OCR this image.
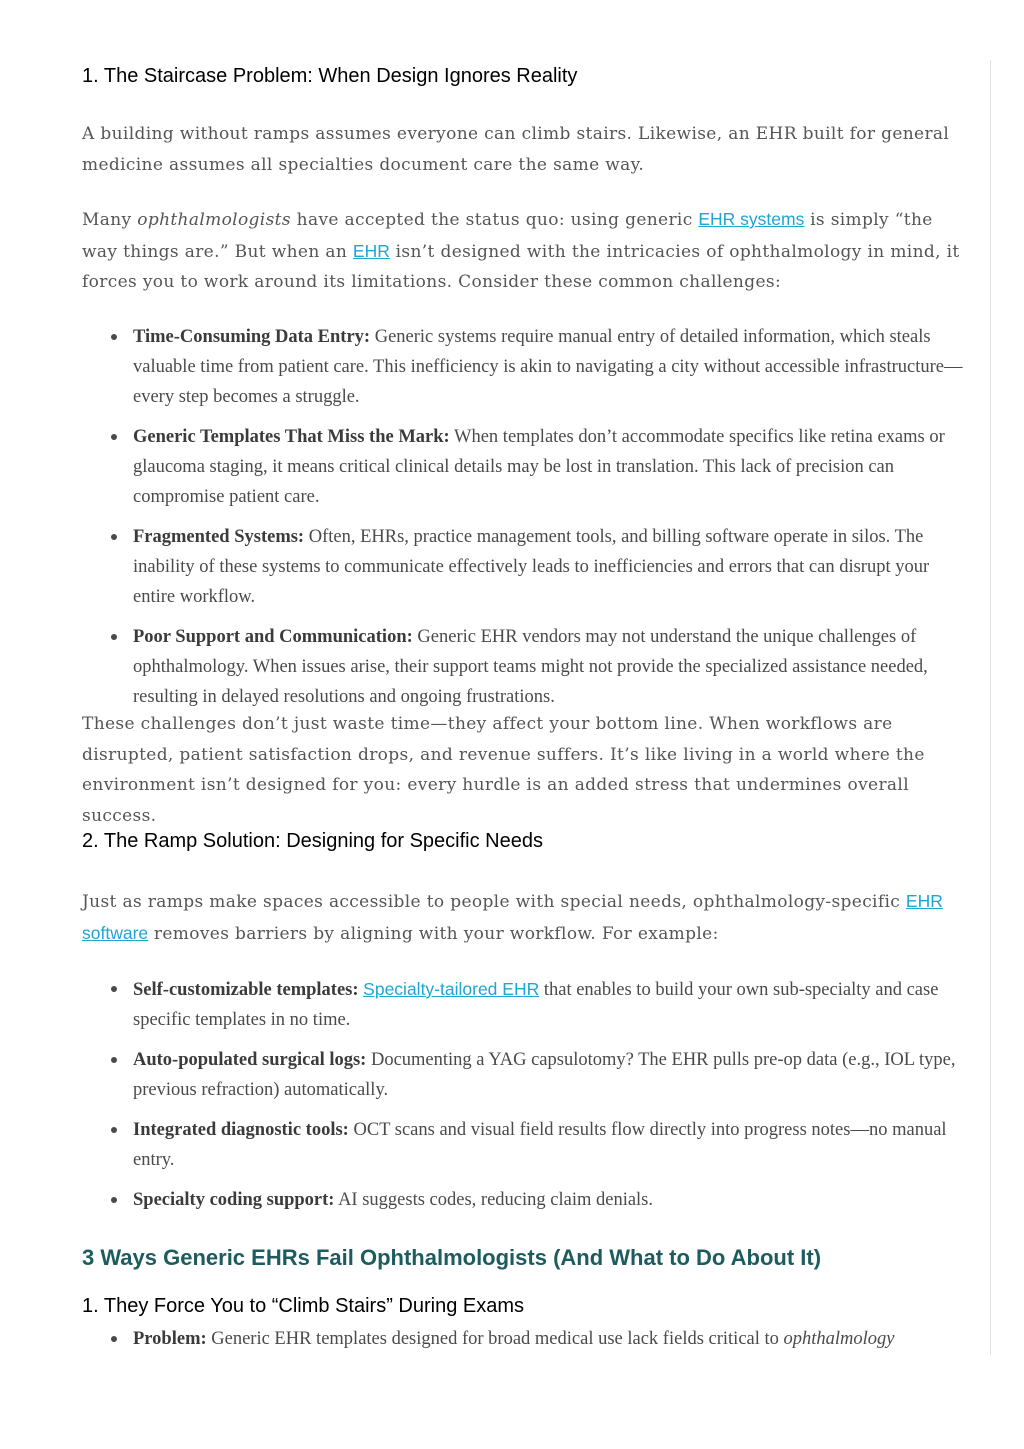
1. The Staircase Problem: When Design Ignores Reality

A building without ramps assumes everyone can climb stairs. Likewise, an EHR built for general medicine assumes all specialties document care the same way.

Many ophthalmologists have accepted the status quo: using generic EHR systems is simply “the way things are.” But when an EHR isn’t designed with the intricacies of ophthalmology in mind, it forces you to work around its limitations. Consider these common challenges:

Time-Consuming Data Entry: Generic systems require manual entry of detailed information, which steals valuable time from patient care. This inefficiency is akin to navigating a city without accessible infrastructure—every step becomes a struggle.
Generic Templates That Miss the Mark: When templates don’t accommodate specifics like retina exams or glaucoma staging, it means critical clinical details may be lost in translation. This lack of precision can compromise patient care.
Fragmented Systems: Often, EHRs, practice management tools, and billing software operate in silos. The inability of these systems to communicate effectively leads to inefficiencies and errors that can disrupt your entire workflow.
Poor Support and Communication: Generic EHR vendors may not understand the unique challenges of ophthalmology. When issues arise, their support teams might not provide the specialized assistance needed, resulting in delayed resolutions and ongoing frustrations.

These challenges don’t just waste time—they affect your bottom line. When workflows are disrupted, patient satisfaction drops, and revenue suffers. It’s like living in a world where the environment isn’t designed for you: every hurdle is an added stress that undermines overall success.

2. The Ramp Solution: Designing for Specific Needs

Just as ramps make spaces accessible to people with special needs, ophthalmology-specific EHR software removes barriers by aligning with your workflow. For example:

Self-customizable templates: Specialty-tailored EHR that enables to build your own sub-specialty and case specific templates in no time.
Auto-populated surgical logs: Documenting a YAG capsulotomy? The EHR pulls pre-op data (e.g., IOL type, previous refraction) automatically.
Integrated diagnostic tools: OCT scans and visual field results flow directly into progress notes—no manual entry.
Specialty coding support: AI suggests codes, reducing claim denials.
3 Ways Generic EHRs Fail Ophthalmologists (And What to Do About It)
1. They Force You to “Climb Stairs” During Exams
Problem: Generic EHR templates designed for broad medical use lack fields critical to ophthalmology
